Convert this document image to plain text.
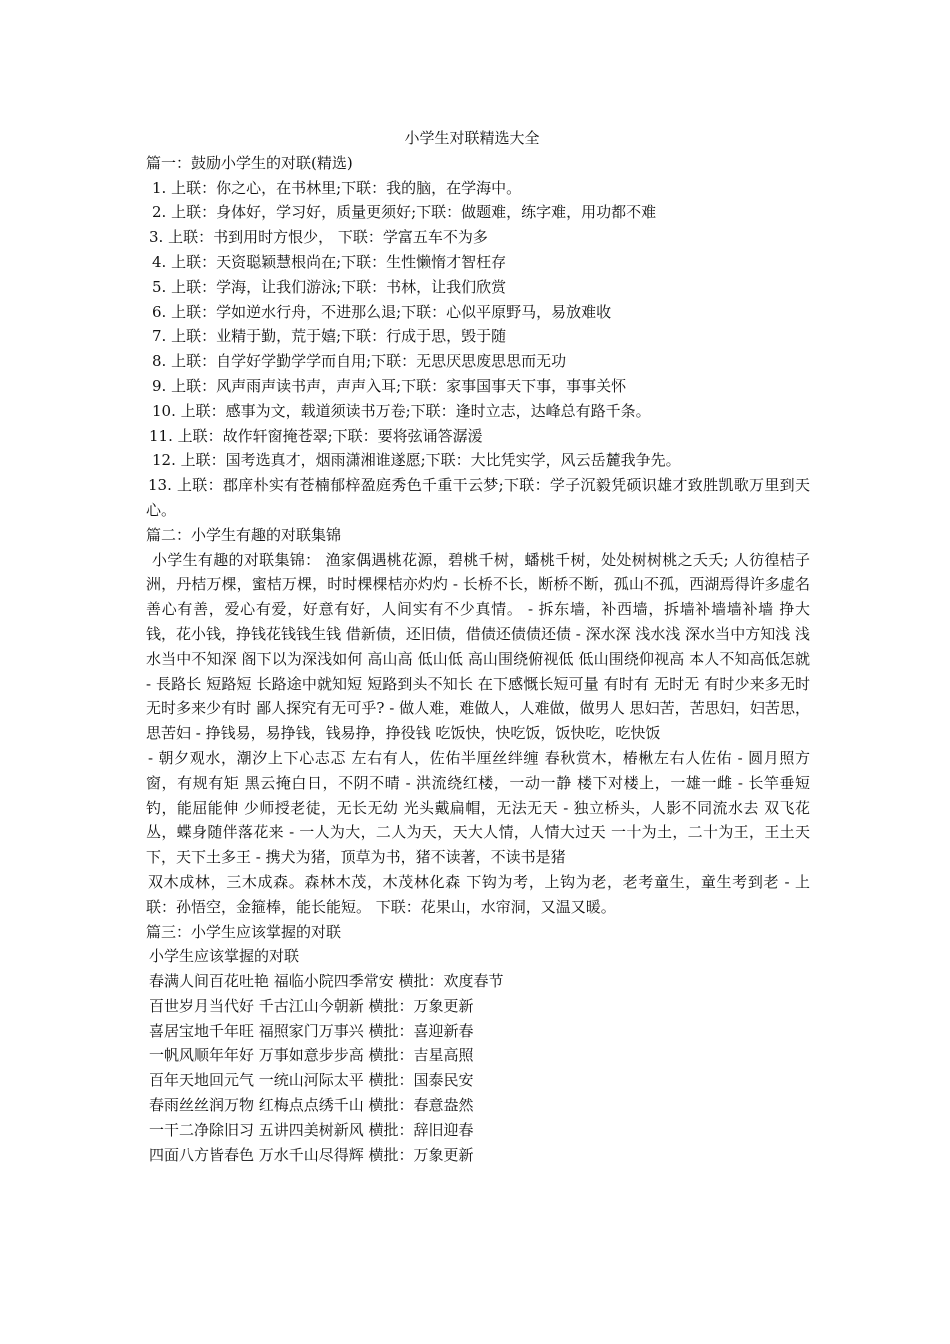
小学生对联精选大全
篇一：鼓励小学生的对联(精选)
1. 上联：你之心，在书林里;下联：我的脑，在学海中。
2. 上联：身体好，学习好，质量更须好;下联：做题难，练字难，用功都不难
3. 上联：书到用时方恨少， 下联：学富五车不为多
4. 上联：天资聪颖慧根尚在;下联：生性懒惰才智枉存
5. 上联：学海，让我们游泳;下联：书林，让我们欣赏
6. 上联：学如逆水行舟，不进那么退;下联：心似平原野马，易放难收
7. 上联：业精于勤，荒于嬉;下联：行成于思，毁于随
8. 上联：自学好学勤学学而自用;下联：无思厌思废思思而无功
9. 上联：风声雨声读书声，声声入耳;下联：家事国事天下事，事事关怀
10. 上联：感事为文，载道须读书万卷;下联：逢时立志，达峰总有路千条。
11. 上联：故作轩窗掩苍翠;下联：要将弦诵答潺湲
12. 上联：国考选真才，烟雨潇湘谁遂愿;下联：大比凭实学，风云岳麓我争先。

13. 上联：郡庠朴实有苍楠郁梓盈庭秀色千重干云梦;下联：学子沉毅凭硕识雄才致胜凯歌万里到天心。

篇二：小学生有趣的对联集锦

小学生有趣的对联集锦： 渔家偶遇桃花源，碧桃千树，蟠桃千树，处处树树桃之夭夭; 人彷徨桔子洲，丹桔万棵，蜜桔万棵，时时棵棵桔亦灼灼 - 长桥不长，断桥不断，孤山不孤，西湖焉得许多虚名 善心有善，爱心有爱，好意有好，人间实有不少真情。 - 拆东墙，补西墙，拆墙补墙墙补墙 挣大钱，花小钱，挣钱花钱钱生钱 借新债，还旧债，借债还债债还债 - 深水深 浅水浅 深水当中方知浅 浅水当中不知深 阁下以为深浅如何 高山高 低山低 高山围绕俯视低 低山围绕仰视高 本人不知高低怎就 - 長路长 短路短 长路途中就知短 短路到头不知长 在下感慨长短可量 有时有 无时无 有时少来多无时 无时多来少有时 鄙人探究有无可乎? - 做人难，难做人，人难做，做男人 思妇苦，苦思妇，妇苦思，思苦妇 - 挣钱易，易挣钱，钱易挣，挣役钱 吃饭快，快吃饭，饭快吃，吃快饭

- 朝夕观水，潮汐上下心志忑 左右有人，佐佑半厘丝绊缠 春秋赏木，椿楸左右人佐佑 - 圆月照方窗，有规有矩 黑云掩白日，不阴不晴 - 洪流绕红楼，一动一静 楼下对楼上，一雄一雌 - 长竿垂短钓，能屈能伸 少师授老徒，无长无幼 光头戴扁帽，无法无天 - 独立桥头，人影不同流水去 双飞花丛，蝶身随伴落花来 - 一人为大，二人为天，天大人情，人情大过天 一十为土，二十为王，王土天下，天下土多王 - 携犬为猪，顶草为书，猪不读著，不读书是猪

双木成林，三木成森。森林木茂，木茂林化森 下钩为考，上钩为老，老考童生，童生考到老 - 上联：孙悟空，金箍棒，能长能短。 下联：花果山，水帘洞，又温又暖。

篇三：小学生应该掌握的对联
小学生应该掌握的对联
春满人间百花吐艳 福临小院四季常安 横批：欢度春节
百世岁月当代好 千古江山今朝新 横批：万象更新
喜居宝地千年旺 福照家门万事兴 横批：喜迎新春
一帆风顺年年好 万事如意步步高 横批：吉星高照
百年天地回元气 一统山河际太平 横批：国泰民安
春雨丝丝润万物 红梅点点绣千山 横批：春意盎然
一干二净除旧习 五讲四美树新风 横批：辞旧迎春
四面八方皆春色 万水千山尽得辉 横批：万象更新
